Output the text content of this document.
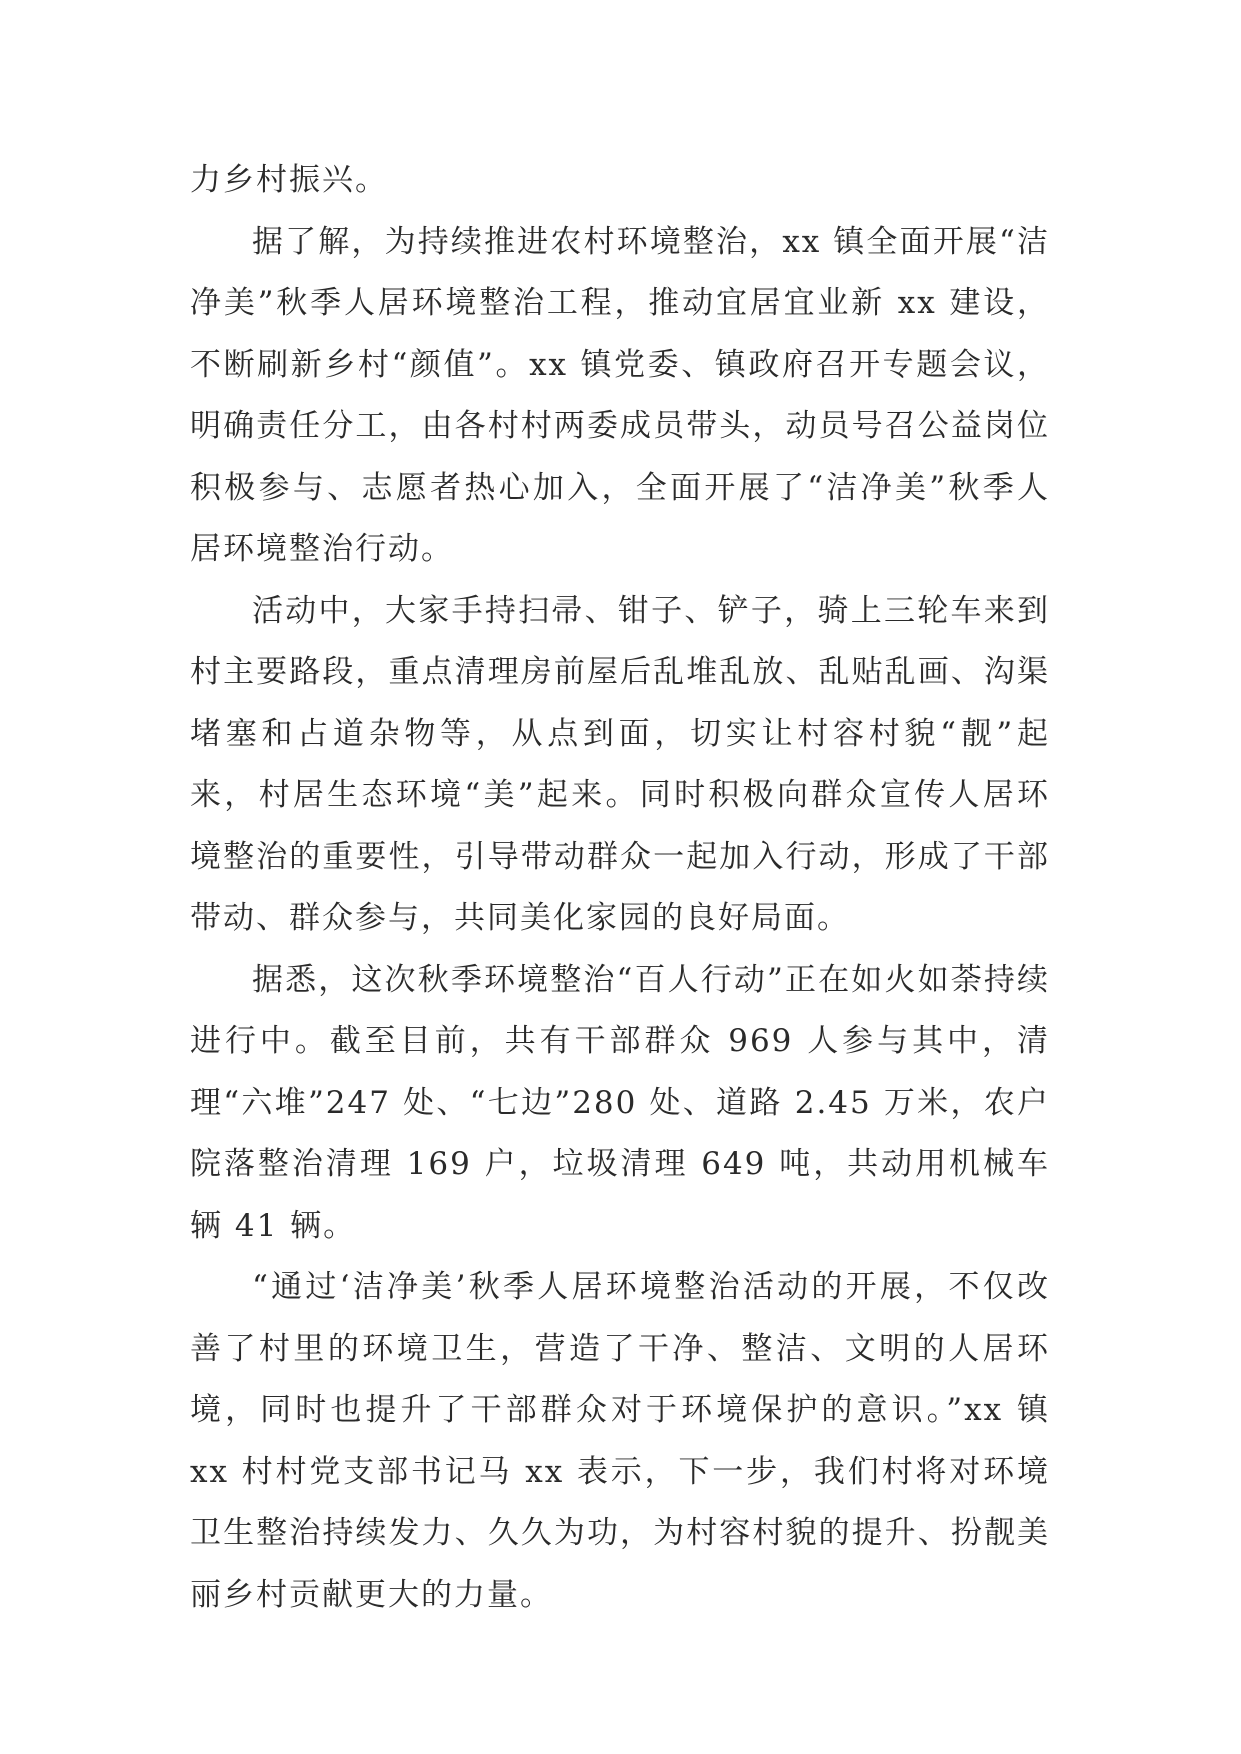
力乡村振兴。

据了解，为持续推进农村环境整治，xx 镇全面开展“洁净美”秋季人居环境整治工程，推动宜居宜业新 xx 建设，不断刷新乡村“颜值”。xx 镇党委、镇政府召开专题会议，明确责任分工，由各村村两委成员带头，动员号召公益岗位积极参与、志愿者热心加入，全面开展了“洁净美”秋季人居环境整治行动。

活动中，大家手持扫帚、钳子、铲子，骑上三轮车来到村主要路段，重点清理房前屋后乱堆乱放、乱贴乱画、沟渠堵塞和占道杂物等，从点到面，切实让村容村貌“靓”起来，村居生态环境“美”起来。同时积极向群众宣传人居环境整治的重要性，引导带动群众一起加入行动，形成了干部带动、群众参与，共同美化家园的良好局面。

据悉，这次秋季环境整治“百人行动”正在如火如荼持续进行中。截至目前，共有干部群众 969 人参与其中，清理“六堆”247 处、“七边”280 处、道路 2.45 万米，农户院落整治清理 169 户，垃圾清理 649 吨，共动用机械车辆 41 辆。

“通过‘洁净美’秋季人居环境整治活动的开展，不仅改善了村里的环境卫生，营造了干净、整洁、文明的人居环境，同时也提升了干部群众对于环境保护的意识。”xx 镇 xx 村村党支部书记马 xx 表示，下一步，我们村将对环境卫生整治持续发力、久久为功，为村容村貌的提升、扮靓美丽乡村贡献更大的力量。
